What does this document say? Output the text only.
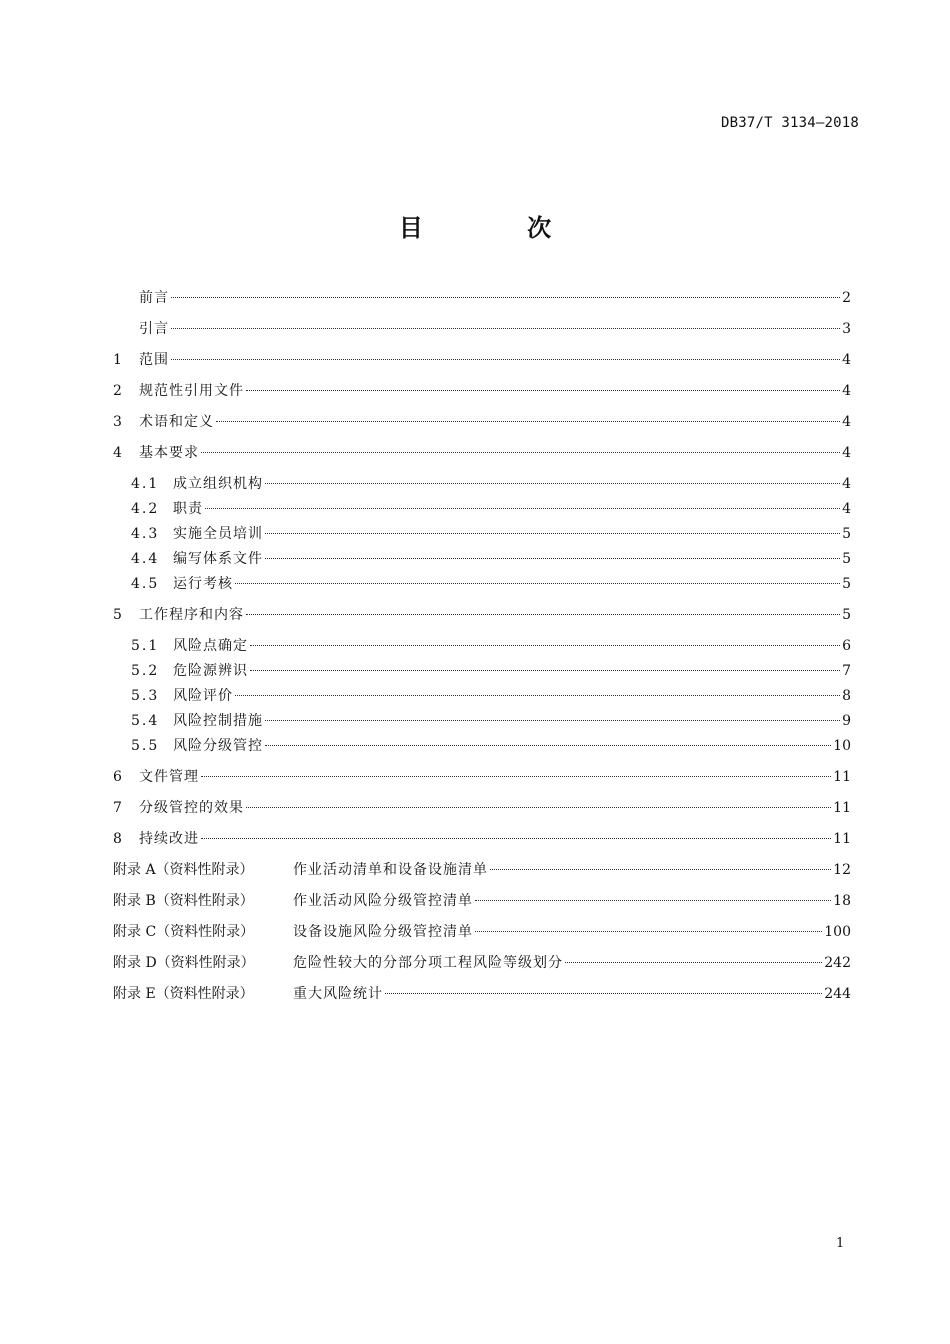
DB37/T 3134—2018
目 次
前言	2
引言	3
1	范围	4
2	规范性引用文件	4
3	术语和定义	4
4	基本要求	4
4.1 成立组织机构	4
4.2 职责	4
4.3 实施全员培训	5
4.4 编写体系文件	5
4.5 运行考核	5
5	工作程序和内容	5
5.1 风险点确定	6
5.2 危险源辨识	7
5.3 风险评价	8
5.4 风险控制措施	9
5.5 风险分级管控	10
6	文件管理	11
7	分级管控的效果	11
8	持续改进	11
附录 A（资料性附录）	作业活动清单和设备设施清单	12
附录 B（资料性附录）	作业活动风险分级管控清单	18
附录 C（资料性附录）	设备设施风险分级管控清单	100
附录 D（资料性附录）	危险性较大的分部分项工程风险等级划分	242
附录 E（资料性附录）	重大风险统计	244
1
